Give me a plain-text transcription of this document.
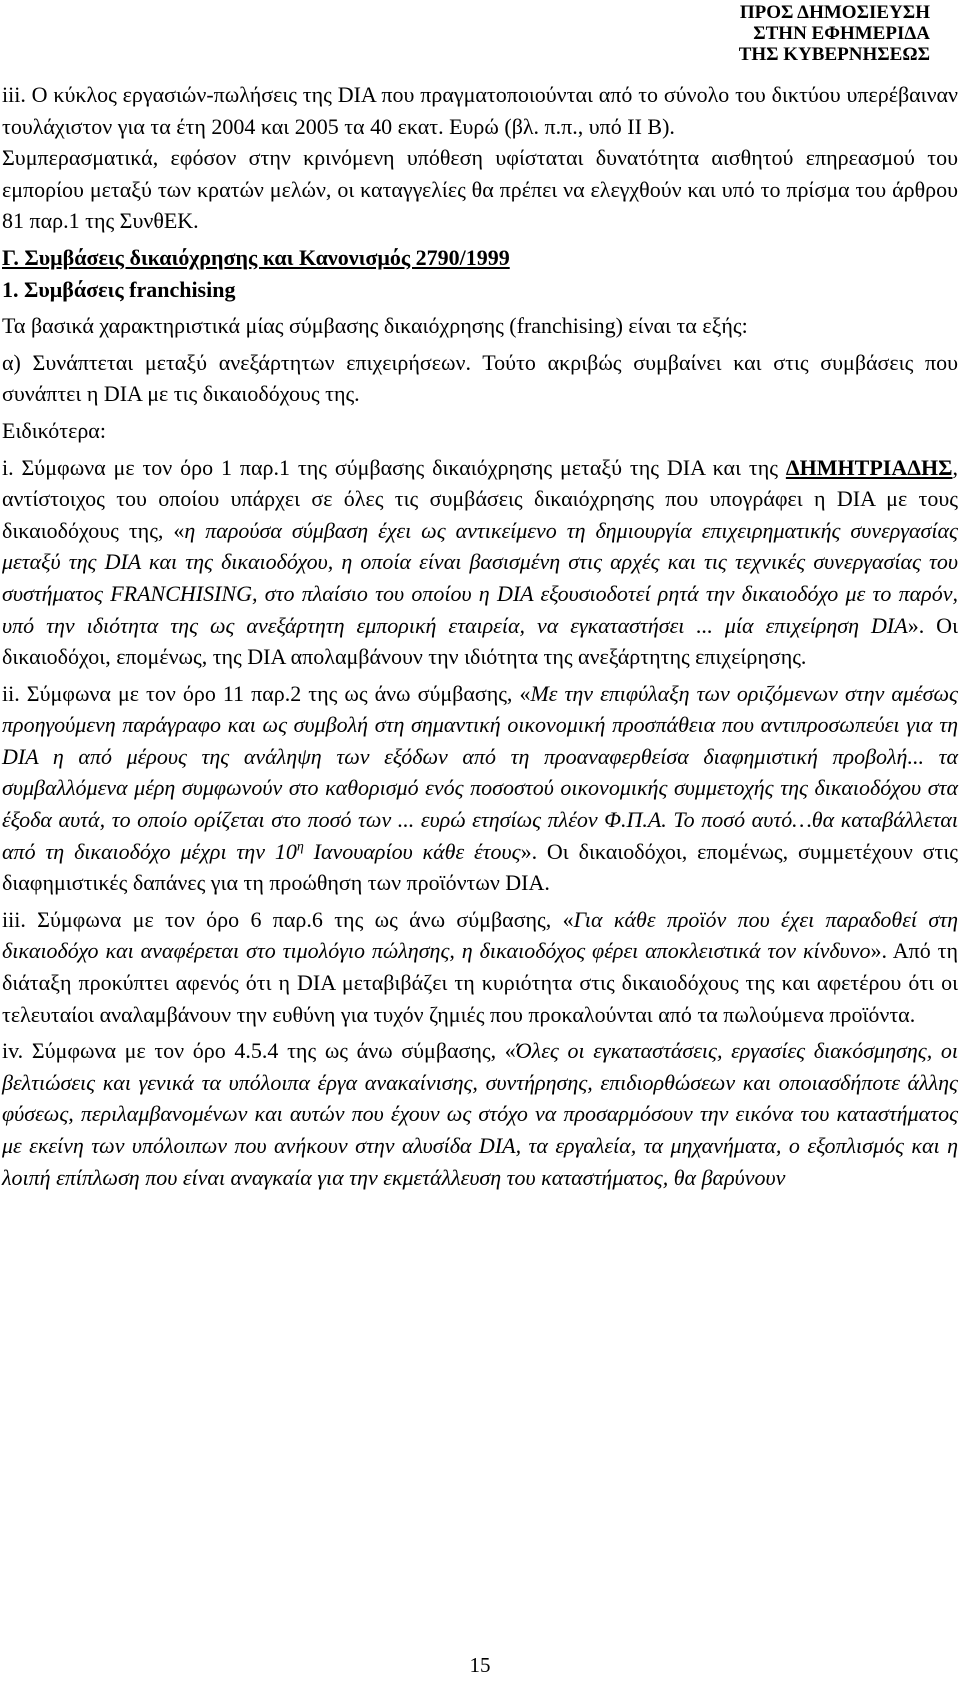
ΠΡΟΣ ΔΗΜΟΣΙΕΥΣΗ
ΣΤΗΝ ΕΦΗΜΕΡΙΔΑ
ΤΗΣ ΚΥΒΕΡΝΗΣΕΩΣ

iii. Ο κύκλος εργασιών-πωλήσεις της DIA που πραγματοποιούνται από το σύνολο του δικτύου υπερέβαιναν τουλάχιστον για τα έτη 2004 και 2005 τα 40 εκατ. Ευρώ (βλ. π.π., υπό ΙΙ Β).

Συμπερασματικά, εφόσον στην κρινόμενη υπόθεση υφίσταται δυνατότητα αισθητού επηρεασμού του εμπορίου μεταξύ των κρατών μελών, οι καταγγελίες θα πρέπει να ελεγχθούν και υπό το πρίσμα του άρθρου 81 παρ.1 της ΣυνθΕΚ.

Γ. Συμβάσεις δικαιόχρησης και Κανονισμός 2790/1999

1. Συμβάσεις franchising

Τα βασικά χαρακτηριστικά μίας σύμβασης δικαιόχρησης (franchising) είναι τα εξής:

α) Συνάπτεται μεταξύ ανεξάρτητων επιχειρήσεων. Τούτο ακριβώς συμβαίνει και στις συμβάσεις που συνάπτει η DIA με τις δικαιοδόχους της.

Ειδικότερα:

i. Σύμφωνα με τον όρο 1 παρ.1 της σύμβασης δικαιόχρησης μεταξύ της DIA και της ΔΗΜΗΤΡΙΑΔΗΣ, αντίστοιχος του οποίου υπάρχει σε όλες τις συμβάσεις δικαιόχρησης που υπογράφει η DIA με τους δικαιοδόχους της, «η παρούσα σύμβαση έχει ως αντικείμενο τη δημιουργία επιχειρηματικής συνεργασίας μεταξύ της DIA και της δικαιοδόχου, η οποία είναι βασισμένη στις αρχές και τις τεχνικές συνεργασίας του συστήματος FRANCHISING, στο πλαίσιο του οποίου η DIA εξουσιοδοτεί ρητά την δικαιοδόχο με το παρόν, υπό την ιδιότητα της ως ανεξάρτητη εμπορική εταιρεία, να εγκαταστήσει ... μία επιχείρηση DIA». Οι δικαιοδόχοι, επομένως, της DIA απολαμβάνουν την ιδιότητα της ανεξάρτητης επιχείρησης.

ii. Σύμφωνα με τον όρο 11 παρ.2 της ως άνω σύμβασης, «Με την επιφύλαξη των οριζόμενων στην αμέσως προηγούμενη παράγραφο και ως συμβολή στη σημαντική οικονομική προσπάθεια που αντιπροσωπεύει για τη DIA η από μέρους της ανάληψη των εξόδων από τη προαναφερθείσα διαφημιστική προβολή... τα συμβαλλόμενα μέρη συμφωνούν στο καθορισμό ενός ποσοστού οικονομικής συμμετοχής της δικαιοδόχου στα έξοδα αυτά, το οποίο ορίζεται στο ποσό των ... ευρώ ετησίως πλέον Φ.Π.Α. Το ποσό αυτό…θα καταβάλλεται από τη δικαιοδόχο μέχρι την $10^\eta$ Ιανουαρίου κάθε έτους». Οι δικαιοδόχοι, επομένως, συμμετέχουν στις διαφημιστικές δαπάνες για τη προώθηση των προϊόντων DIA.

iii. Σύμφωνα με τον όρο 6 παρ.6 της ως άνω σύμβασης, «Για κάθε προϊόν που έχει παραδοθεί στη δικαιοδόχο και αναφέρεται στο τιμολόγιο πώλησης, η δικαιοδόχος φέρει αποκλειστικά τον κίνδυνο». Από τη διάταξη προκύπτει αφενός ότι η DIA μεταβιβάζει τη κυριότητα στις δικαιοδόχους της και αφετέρου ότι οι τελευταίοι αναλαμβάνουν την ευθύνη για τυχόν ζημιές που προκαλούνται από τα πωλούμενα προϊόντα.

iv. Σύμφωνα με τον όρο 4.5.4 της ως άνω σύμβασης, «Όλες οι εγκαταστάσεις, εργασίες διακόσμησης, οι βελτιώσεις και γενικά τα υπόλοιπα έργα ανακαίνισης, συντήρησης, επιδιορθώσεων και οποιασδήποτε άλλης φύσεως, περιλαμβανομένων και αυτών που έχουν ως στόχο να προσαρμόσουν την εικόνα του καταστήματος με εκείνη των υπόλοιπων που ανήκουν στην αλυσίδα DIA, τα εργαλεία, τα μηχανήματα, ο εξοπλισμός και η λοιπή επίπλωση που είναι αναγκαία για την εκμετάλλευση του καταστήματος, θα βαρύνουν

15
